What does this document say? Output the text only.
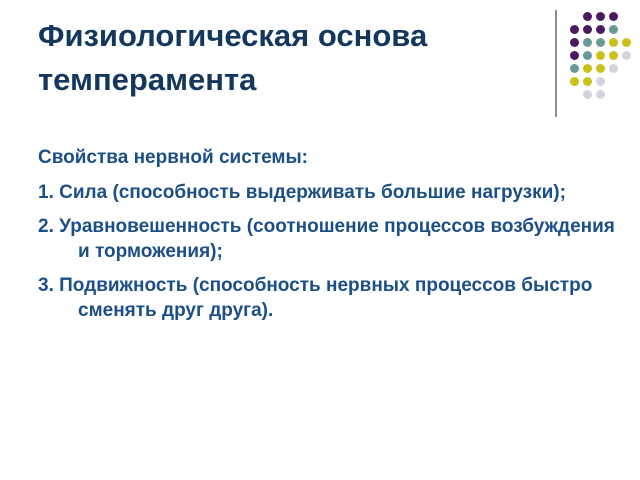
Физиологическая основа темперамента

Свойства нервной системы:

1. Сила (способность выдерживать большие нагрузки);
2. Уравновешенность (соотношение процессов возбуждения и торможения);
3. Подвижность (способность нервных процессов быстро сменять друг друга).
